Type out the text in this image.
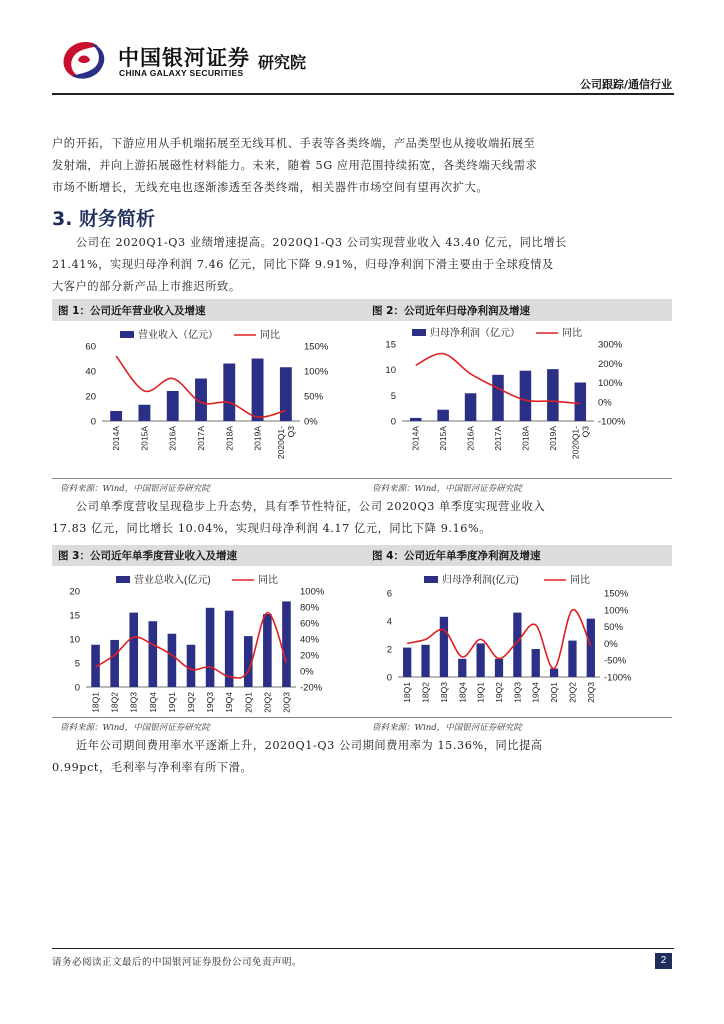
中国银河证券
CHINA GALAXY SECURITIES
研究院
公司跟踪/通信行业

户的开拓，下游应用从手机端拓展至无线耳机、手表等各类终端，产品类型也从接收端拓展至

发射端，并向上游拓展磁性材料能力。未来，随着 5G 应用范围持续拓宽，各类终端天线需求

市场不断增长，无线充电也逐渐渗透至各类终端，相关器件市场空间有望再次扩大。

3. 财务简析

公司在 2020Q1-Q3 业绩增速提高。2020Q1-Q3 公司实现营业收入 43.40 亿元，同比增长

21.41%，实现归母净利润 7.46 亿元，同比下降 9.91%，归母净利润下滑主要由于全球疫情及

大客户的部分新产品上市推迟所致。

图 1：公司近年营业收入及增速	图 2：公司近年归母净利润及增速
营业收入（亿元）	同比
0
20
40
60
0%
50%
100%
150%
2014A 2015A 2016A 2017A 2018A 2019A 2020Q1- Q3
归母净利润（亿元）	同比
0
5
10
15
-100%
0%
100%
200%
300%
2014A 2015A 2016A 2017A 2018A 2019A 2020Q1- Q3
资料来源：Wind，中国银河证券研究院	资料来源：Wind，中国银河证券研究院

公司单季度营收呈现稳步上升态势，具有季节性特征，公司 2020Q3 单季度实现营业收入

17.83 亿元，同比增长 10.04%，实现归母净利润 4.17 亿元，同比下降 9.16%。

图 3：公司近年单季度营业收入及增速	图 4：公司近年单季度净利润及增速
营业总收入(亿元)	同比
0
5
10
15
20
-20%
0%
20%
40%
60%
80%
100%
18Q1 18Q2 18Q3 18Q4 19Q1 19Q2 19Q3 19Q4 20Q1 20Q2 20Q3
归母净利润(亿元)	同比
0
2
4
6
-100%
-50%
0%
50%
100%
150%
18Q1 18Q2 18Q3 18Q4 19Q1 19Q2 19Q3 19Q4 20Q1 20Q2 20Q3
资料来源：Wind，中国银河证券研究院	资料来源：Wind，中国银河证券研究院

近年公司期间费用率水平逐渐上升，2020Q1-Q3 公司期间费用率为 15.36%，同比提高

0.99pct，毛利率与净利率有所下滑。

请务必阅读正文最后的中国银河证券股份公司免责声明。	2
